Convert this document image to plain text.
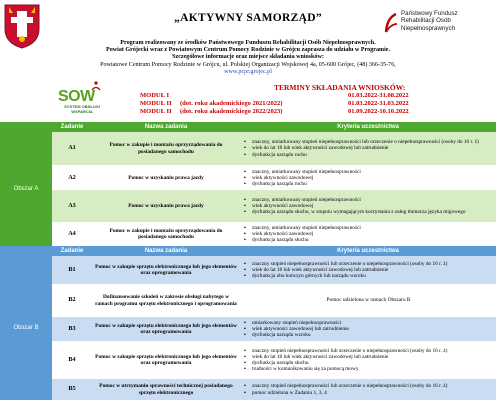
„AKTYWNY SAMORZĄD”
Program realizowany ze środków Państwowego Funduszu Rehabilitacji Osób Niepełnosprawnych.
Powiat Grójecki wraz z Powiatowym Centrum Pomocy Rodzinie w Grójcu zaprasza do udziału w Programie.
Szczegółowe informacje oraz miejsce składania wniosków:
Powiatowe Centrum Pomocy Rodzinie w Grójcu, ul. Polskiej Organizacji Wojskowej 4a, 05-600 Grójec, (48) 366-35-76,
www.pcpr.grojec.pl
Państwowy Fundusz
Rehabilitacji Osób
Niepełnosprawnych
SOW
SYSTEM OBSŁUGI
WSPARCIA
TERMINY SKŁADANIA WNIOSKÓW:
MODUŁ I	01.03.2022-31.08.2022
MODUŁ II (dot. roku akademickiego 2021/2022)	01.03.2022-31.03.2022
MODUŁ II (dot. roku akademickiego 2022/2023)	01.09.2022-10.10.2022
Zadanie	Nazwa zadania	Kryteria uczestnictwa
Obszar A
A1	Pomoc w zakupie i montażu oprzyrządowania do posiadanego samochodu
▪ znaczny, umiarkowany stopień niepełnosprawności lub orzeczenie o niepełnosprawności (osoby do 16 r. ż)
▪ wiek do lat 18 lub wiek aktywności zawodowej lub zatrudnienie
▪ dysfunkcja narządu ruchu
A2	Pomoc w uzyskaniu prawa jazdy
▪ znaczny, umiarkowany stopień niepełnosprawności
▪ wiek aktywności zawodowej
▪ dysfunkcja narządu ruchu
A3	Pomoc w uzyskaniu prawa jazdy
▪ znaczny, umiarkowany stopień niepełnosprawności
▪ wiek aktywności zawodowej
▪ dysfunkcja narządu słuchu, w stopniu wymagającym korzystania z usług tłumacza języka migowego
A4	Pomoc w zakupie i montażu oprzyrządowania do posiadanego samochodu
▪ znaczny, umiarkowany stopień niepełnosprawności
▪ wiek aktywności zawodowej
▪ dysfunkcja narządu słuchu
Zadanie	Nazwa zadania	Kryteria uczestnictwa
Obszar B
B1	Pomoc w zakupie sprzętu elektronicznego lub jego elementów oraz oprogramowania
▪ znaczny stopień niepełnosprawności lub orzeczenie o niepełnosprawności (osoby do 16 r. ż)
▪ wiek do lat 18 lub wiek aktywności zawodowej lub zatrudnienie
▪ dysfunkcja obu kończyn górnych lub narządu wzroku
B2	Dofinansowanie szkoleń w zakresie obsługi nabytego w ramach programu sprzętu elektronicznego i oprogramowania
Pomoc udzielona w ramach Obszaru B
B3	Pomoc w zakupie sprzętu elektronicznego lub jego elementów oraz oprogramowania
▪ umiarkowany stopień niepełnosprawności
▪ wiek aktywności zawodowej lub zatrudnienie
▪ dysfunkcja narządu wzroku
B4	Pomoc w zakupie sprzętu elektronicznego lub jego elementów oraz oprogramowania
▪ znaczny stopień niepełnosprawności lub orzeczenie o niepełnosprawności (osoby do 16 r. ż)
▪ wiek do lat 18 lub wiek aktywności zawodowej lub zatrudnienie
▪ dysfunkcja narządu słuchu
▪ trudności w komunikowaniu się za pomocą mowy
B5	Pomoc w utrzymaniu sprawności technicznej posiadanego sprzętu elektronicznego
▪ znaczny stopień niepełnosprawności lub orzeczenie o niepełnosprawności (osoby do 16 r. ż)
▪ pomoc udzielona w Zadaniu 1, 3, 4
